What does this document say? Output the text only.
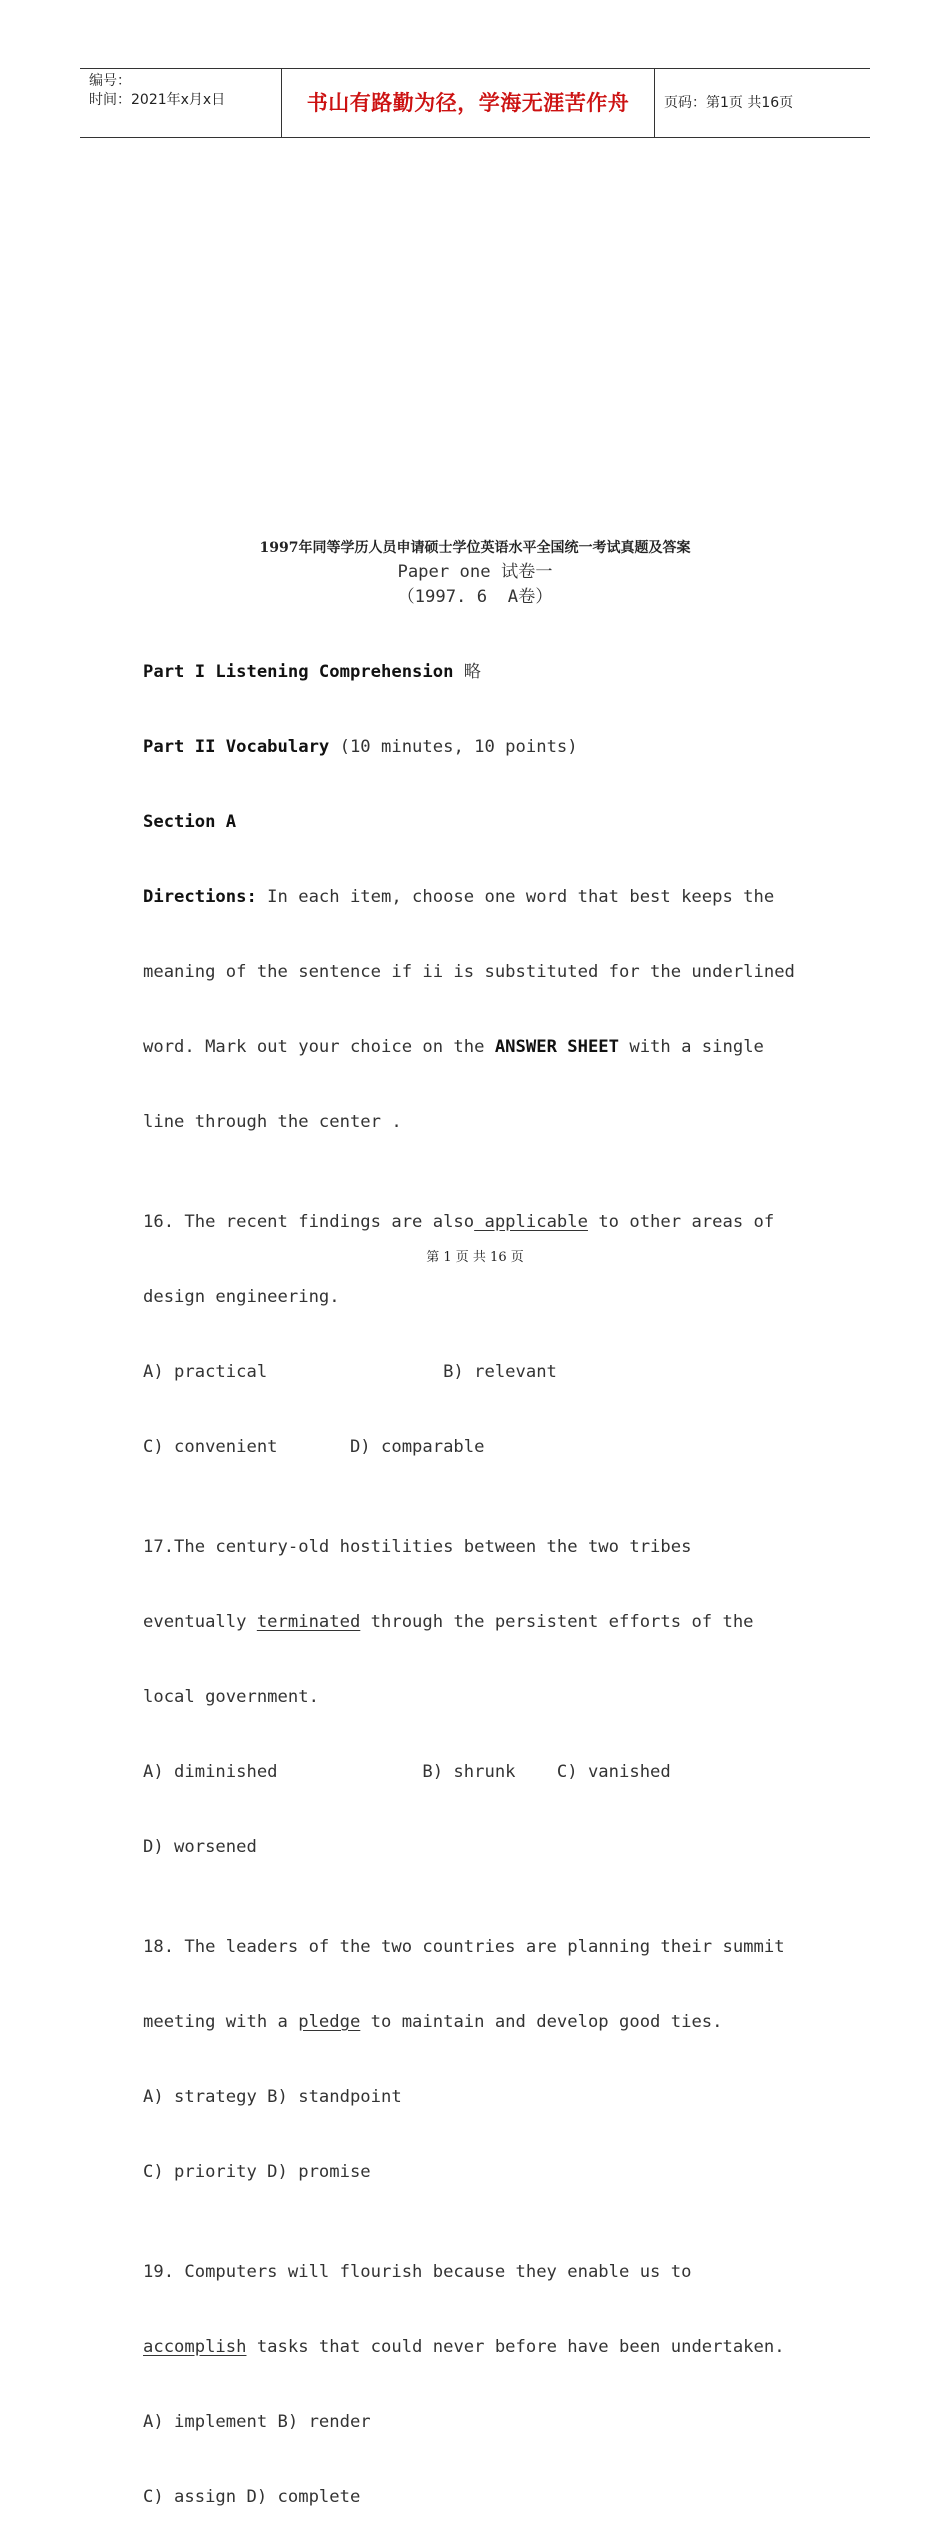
编号：
时间：2021年x月x日	书山有路勤为径，学海无涯苦作舟	页码：第1页 共16页
1997年同等学历人员申请硕士学位英语水平全国统一考试真题及答案
Paper one 试卷一
（1997. 6  A卷）

Part I Listening Comprehension 略

Part II Vocabulary (10 minutes, 10 points)

Section A

Directions: In each item, choose one word that best keeps the

meaning of the sentence if ii is substituted for the underlined

word. Mark out your choice on the ANSWER SHEET with a single

line through the center .

16. The recent findings are also applicable to other areas of

design engineering.

A) practical                 B) relevant

C) convenient       D) comparable

17.The century-old hostilities between the two tribes

eventually terminated through the persistent efforts of the

local government.

A) diminished              B) shrunk    C) vanished

D) worsened

18. The leaders of the two countries are planning their summit

meeting with a pledge to maintain and develop good ties.

A) strategy B) standpoint

C) priority D) promise

19. Computers will flourish because they enable us to

accomplish tasks that could never before have been undertaken.

A) implement B) render

C) assign D) complete

第 1 页 共 16 页
